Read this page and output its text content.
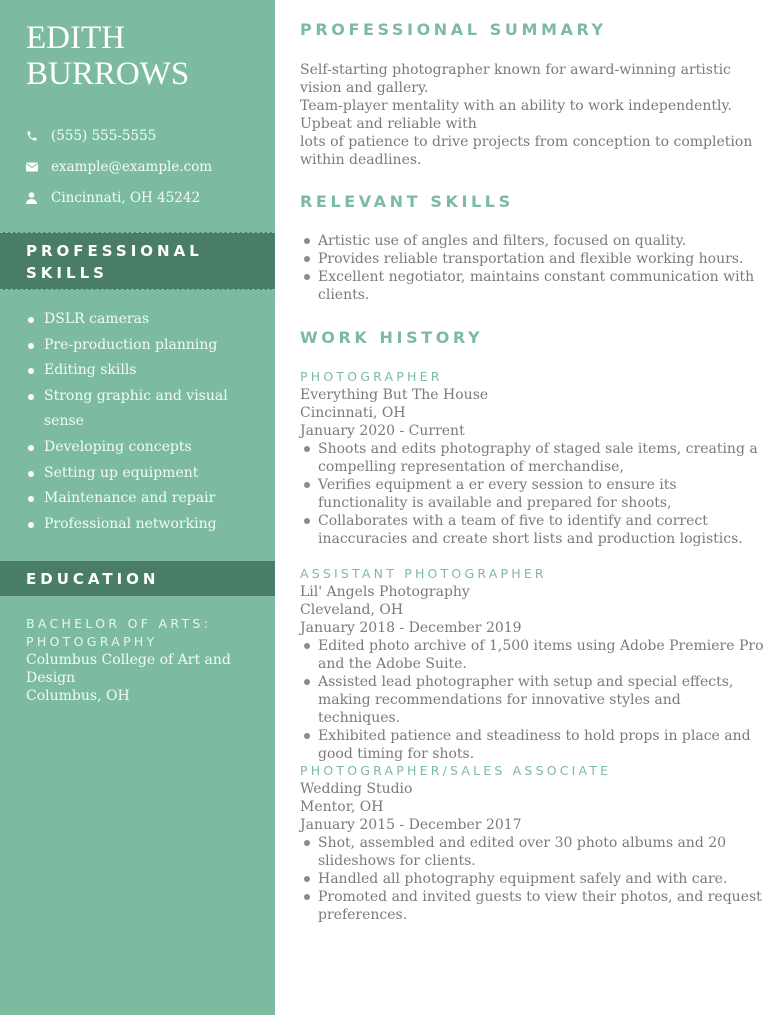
EDITH
BURROWS
(555) 555-5555
example@example.com
Cincinnati, OH 45242
PROFESSIONAL
SKILLS
DSLR cameras
Pre-production planning
Editing skills
Strong graphic and visual sense
Developing concepts
Setting up equipment
Maintenance and repair
Professional networking
EDUCATION
BACHELOR OF ARTS:
PHOTOGRAPHY
Columbus College of Art and Design
Columbus, OH
PROFESSIONAL SUMMARY

Self-starting photographer known for award-winning artistic vision and gallery.

Team-player mentality with an ability to work independently. Upbeat and reliable with

lots of patience to drive projects from conception to completion within deadlines.

RELEVANT SKILLS
Artistic use of angles and filters, focused on quality.
Provides reliable transportation and flexible working hours.
Excellent negotiator, maintains constant communication with clients.
WORK HISTORY
PHOTOGRAPHER
Everything But The House
Cincinnati, OH
January 2020 - Current
Shoots and edits photography of staged sale items, creating a compelling representation of merchandise,
Verifies equipment a er every session to ensure its functionality is available and prepared for shoots,
Collaborates with a team of five to identify and correct inaccuracies and create short lists and production logistics.
ASSISTANT PHOTOGRAPHER
Lil' Angels Photography
Cleveland, OH
January 2018 - December 2019
Edited photo archive of 1,500 items using Adobe Premiere Pro and the Adobe Suite.
Assisted lead photographer with setup and special eﬀects, making recommendations for innovative styles and techniques.
Exhibited patience and steadiness to hold props in place and good timing for shots.
PHOTOGRAPHER/SALES ASSOCIATE
Wedding Studio
Mentor, OH
January 2015 - December 2017
Shot, assembled and edited over 30 photo albums and 20 slideshows for clients.
Handled all photography equipment safely and with care.
Promoted and invited guests to view their photos, and request preferences.
